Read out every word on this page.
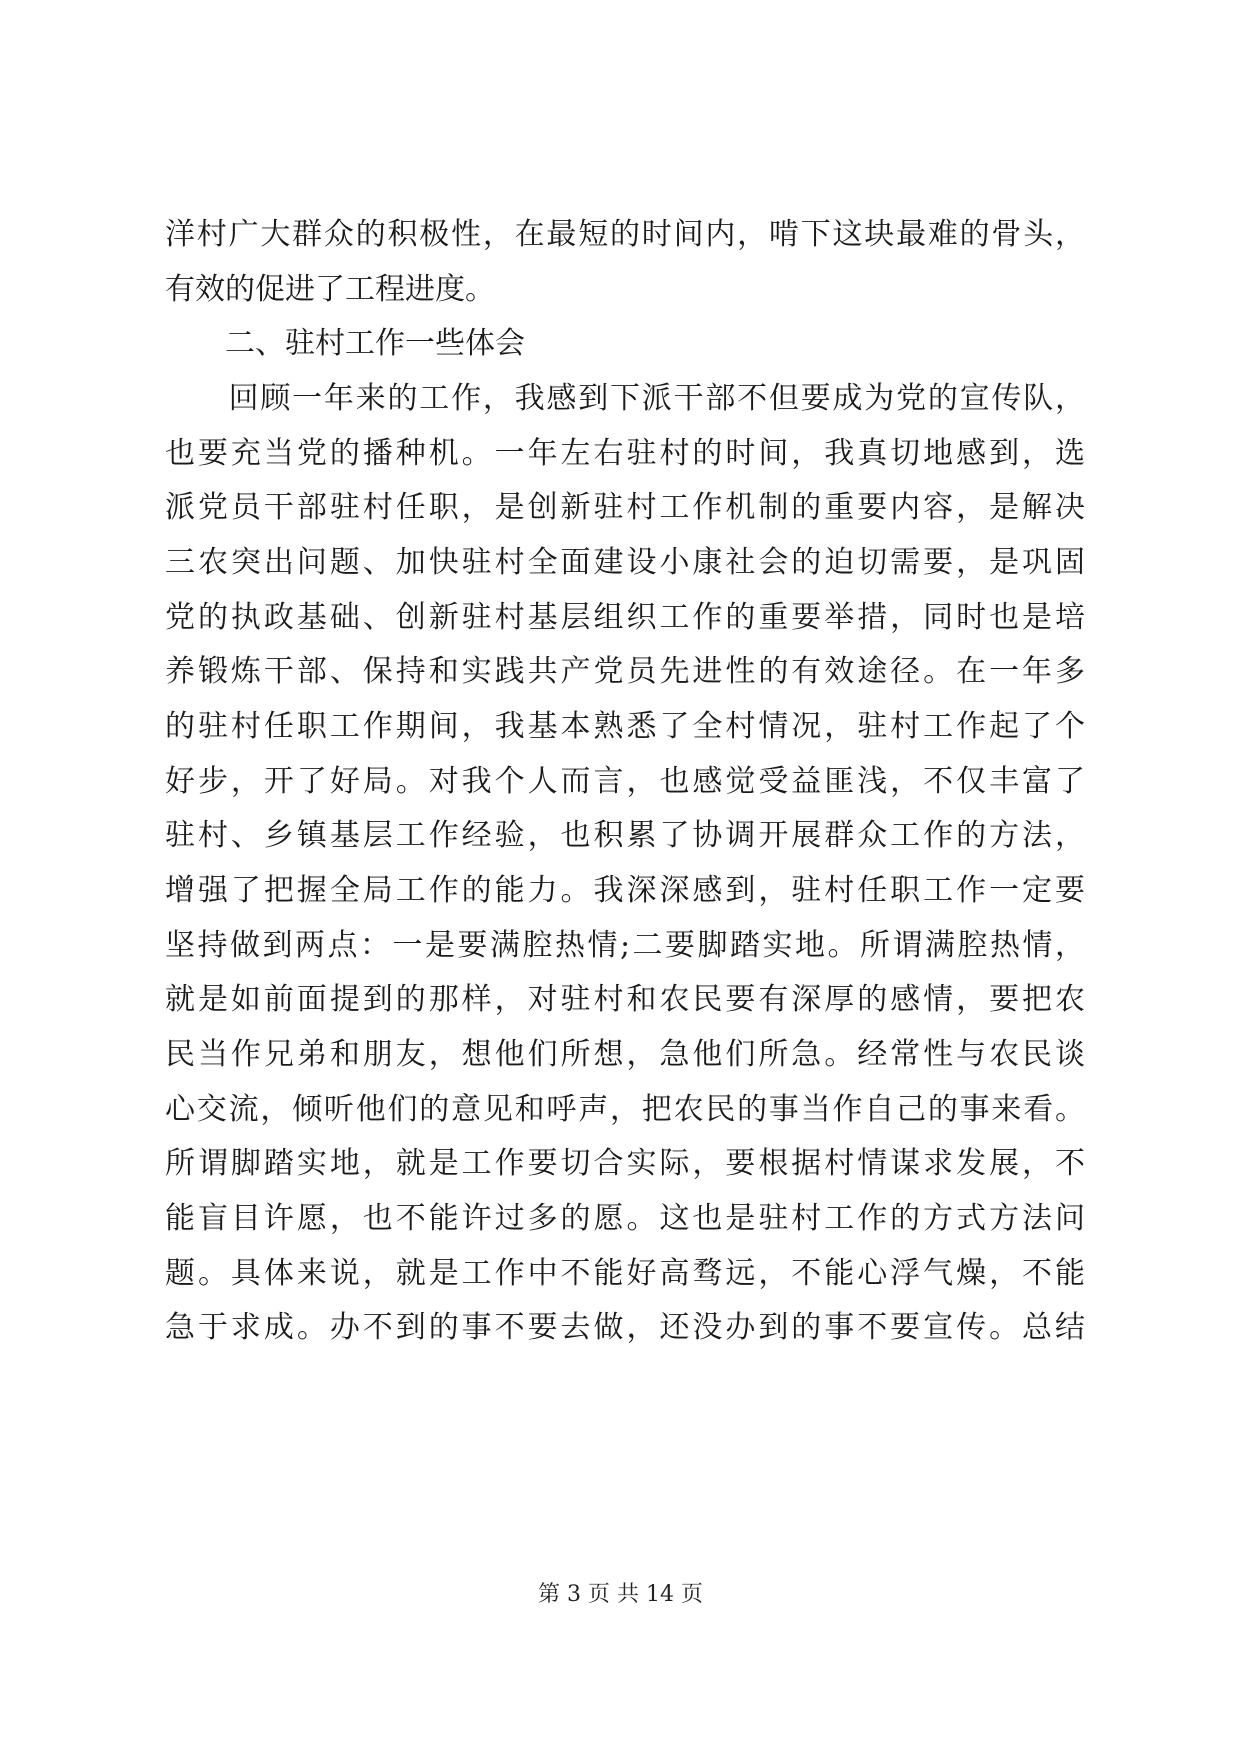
洋村广大群众的积极性，在最短的时间内，啃下这块最难的骨头，
有效的促进了工程进度。
　　二、驻村工作一些体会
　　回顾一年来的工作，我感到下派干部不但要成为党的宣传队，
也要充当党的播种机。一年左右驻村的时间，我真切地感到，选
派党员干部驻村任职，是创新驻村工作机制的重要内容，是解决
三农突出问题、加快驻村全面建设小康社会的迫切需要，是巩固
党的执政基础、创新驻村基层组织工作的重要举措，同时也是培
养锻炼干部、保持和实践共产党员先进性的有效途径。在一年多
的驻村任职工作期间，我基本熟悉了全村情况，驻村工作起了个
好步，开了好局。对我个人而言，也感觉受益匪浅，不仅丰富了
驻村、乡镇基层工作经验，也积累了协调开展群众工作的方法，
增强了把握全局工作的能力。我深深感到，驻村任职工作一定要
坚持做到两点：一是要满腔热情;二要脚踏实地。所谓满腔热情，
就是如前面提到的那样，对驻村和农民要有深厚的感情，要把农
民当作兄弟和朋友，想他们所想，急他们所急。经常性与农民谈
心交流，倾听他们的意见和呼声，把农民的事当作自己的事来看。
所谓脚踏实地，就是工作要切合实际，要根据村情谋求发展，不
能盲目许愿，也不能许过多的愿。这也是驻村工作的方式方法问
题。具体来说，就是工作中不能好高骛远，不能心浮气燥，不能
急于求成。办不到的事不要去做，还没办到的事不要宣传。总结
第 3 页 共 14 页
